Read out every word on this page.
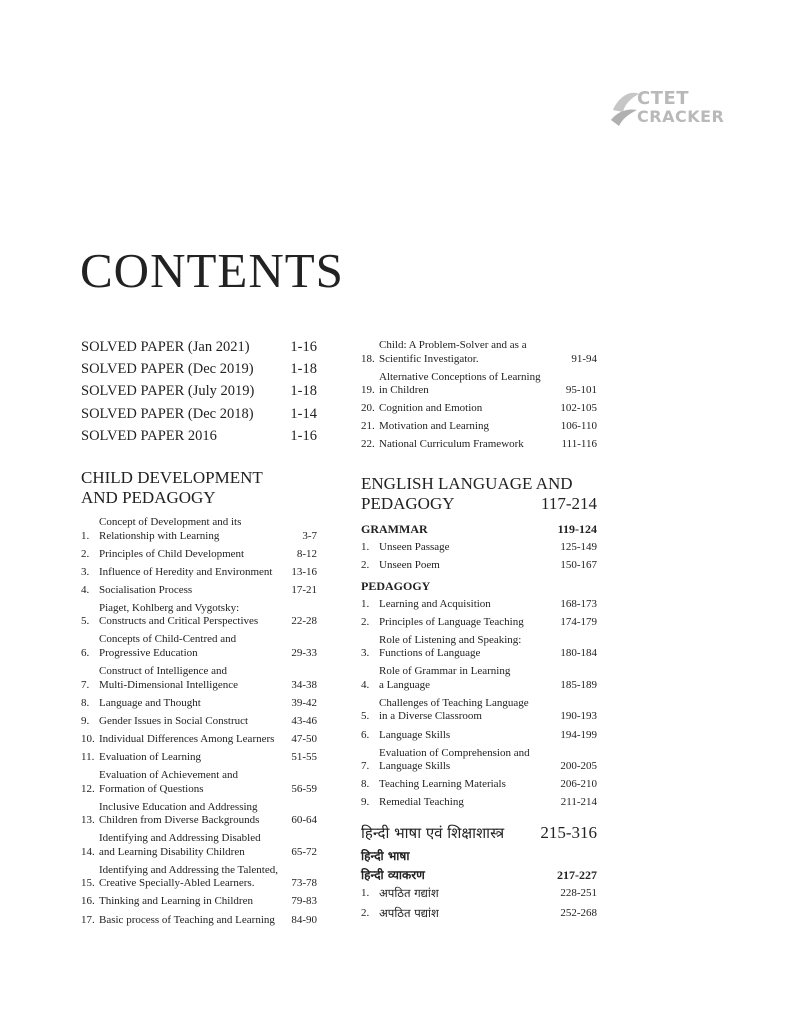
CTET
CRACKER
CONTENTS
SOLVED PAPER (Jan 2021)	1-16
SOLVED PAPER (Dec 2019)	1-18
SOLVED PAPER (July 2019) 1-18
SOLVED PAPER (Dec 2018)	1-14
SOLVED PAPER 2016	1-16
CHILD DEVELOPMENT
AND PEDAGOGY
1.
Concept of Development and its
Relationship with Learning	3-7
2. Principles of Child Development	8-12
3. Influence of Heredity and Environment	13-16
4. Socialisation Process	17-21
5.
Piaget, Kohlberg and Vygotsky:
Constructs and Critical Perspectives	22-28
6.
Concepts of Child-Centred and
Progressive Education	29-33
7.
Construct of Intelligence and
Multi-Dimensional Intelligence	34-38
8. Language and Thought	39-42
9. Gender Issues in Social Construct	43-46
10. Individual Differences Among Learners	47-50
11. Evaluation of Learning	51-55
12.
Evaluation of Achievement and
Formation of Questions	56-59
13.
Inclusive Education and Addressing
Children from Diverse Backgrounds	60-64
14.
Identifying and Addressing Disabled
and Learning Disability Children	65-72
15.
Identifying and Addressing the Talented,
Creative Specially-Abled Learners.	73-78
16. Thinking and Learning in Children	79-83
17. Basic process of Teaching and Learning	84-90
18.
Child: A Problem-Solver and as a
Scientific Investigator.	91-94
19.
Alternative Conceptions of Learning
in Children	95-101
20. Cognition and Emotion	102-105
21. Motivation and Learning	106-110
22. National Curriculum Framework	111-116
ENGLISH LANGUAGE AND
PEDAGOGY	117-214
GRAMMAR	119-124
1. Unseen Passage	125-149
2. Unseen Poem	150-167
PEDAGOGY
1. Learning and Acquisition	168-173
2. Principles of Language Teaching	174-179
3.
Role of Listening and Speaking:
Functions of Language	180-184
4.
Role of Grammar in Learning
a Language	185-189
5.
Challenges of Teaching Language
in a Diverse Classroom	190-193
6. Language Skills	194-199
7.
Evaluation of Comprehension and
Language Skills	200-205
8. Teaching Learning Materials	206-210
9. Remedial Teaching	211-214
हिन्दी भाषा एवं शिक्षाशास्त्र 215-316
हिन्दी भाषा
हिन्दी व्याकरण	217-227
1. अपठित गद्यांश	228-251
2. अपठित पद्यांश	252-268
